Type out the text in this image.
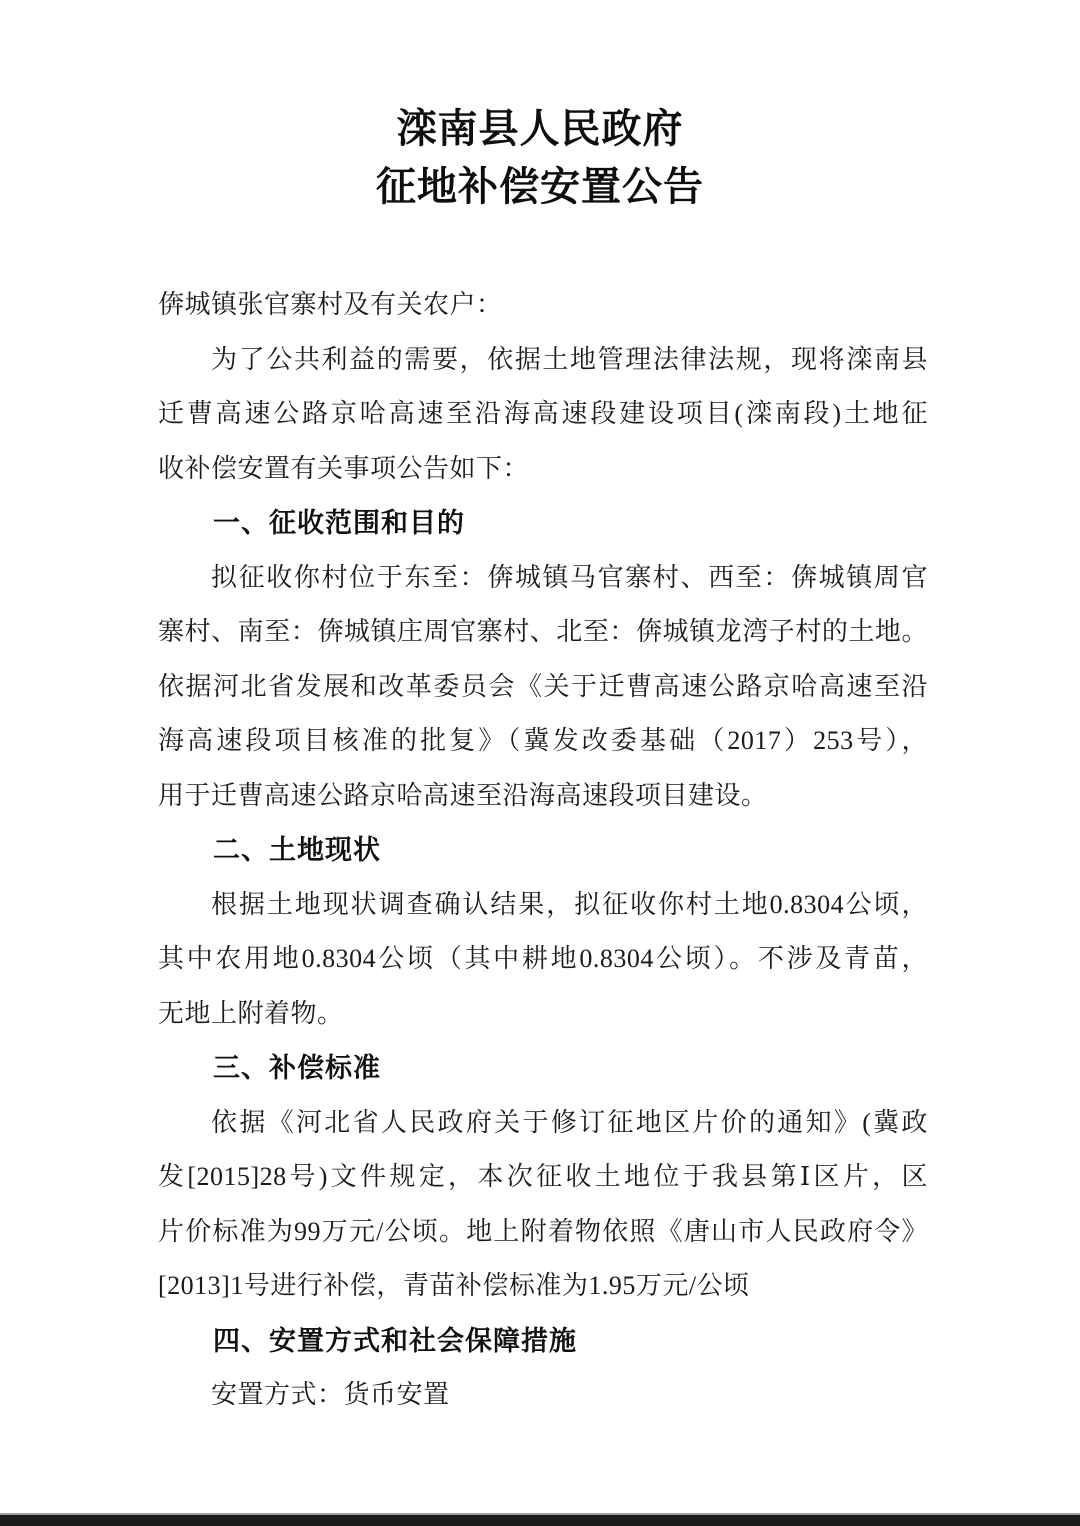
滦南县人民政府
征地补偿安置公告
倴城镇张官寨村及有关农户：
为了公共利益的需要，依据土地管理法律法规，现将滦南县
迁曹高速公路京哈高速至沿海高速段建设项目(滦南段)土地征
收补偿安置有关事项公告如下：
一、征收范围和目的
拟征收你村位于东至：倴城镇马官寨村、西至：倴城镇周官
寨村、南至：倴城镇庄周官寨村、北至：倴城镇龙湾子村的土地。
依据河北省发展和改革委员会《关于迁曹高速公路京哈高速至沿
海高速段项目核准的批复》（冀发改委基础（2017）253号），
用于迁曹高速公路京哈高速至沿海高速段项目建设。
二、土地现状
根据土地现状调查确认结果，拟征收你村土地0.8304公顷，
其中农用地0.8304公顷（其中耕地0.8304公顷）。不涉及青苗，
无地上附着物。
三、补偿标准
依据《河北省人民政府关于修订征地区片价的通知》(冀政
发[2015]28号)文件规定，本次征收土地位于我县第Ⅰ区片，区
片价标准为99万元/公顷。地上附着物依照《唐山市人民政府令》
[2013]1号进行补偿，青苗补偿标准为1.95万元/公顷
四、安置方式和社会保障措施
安置方式：货币安置
